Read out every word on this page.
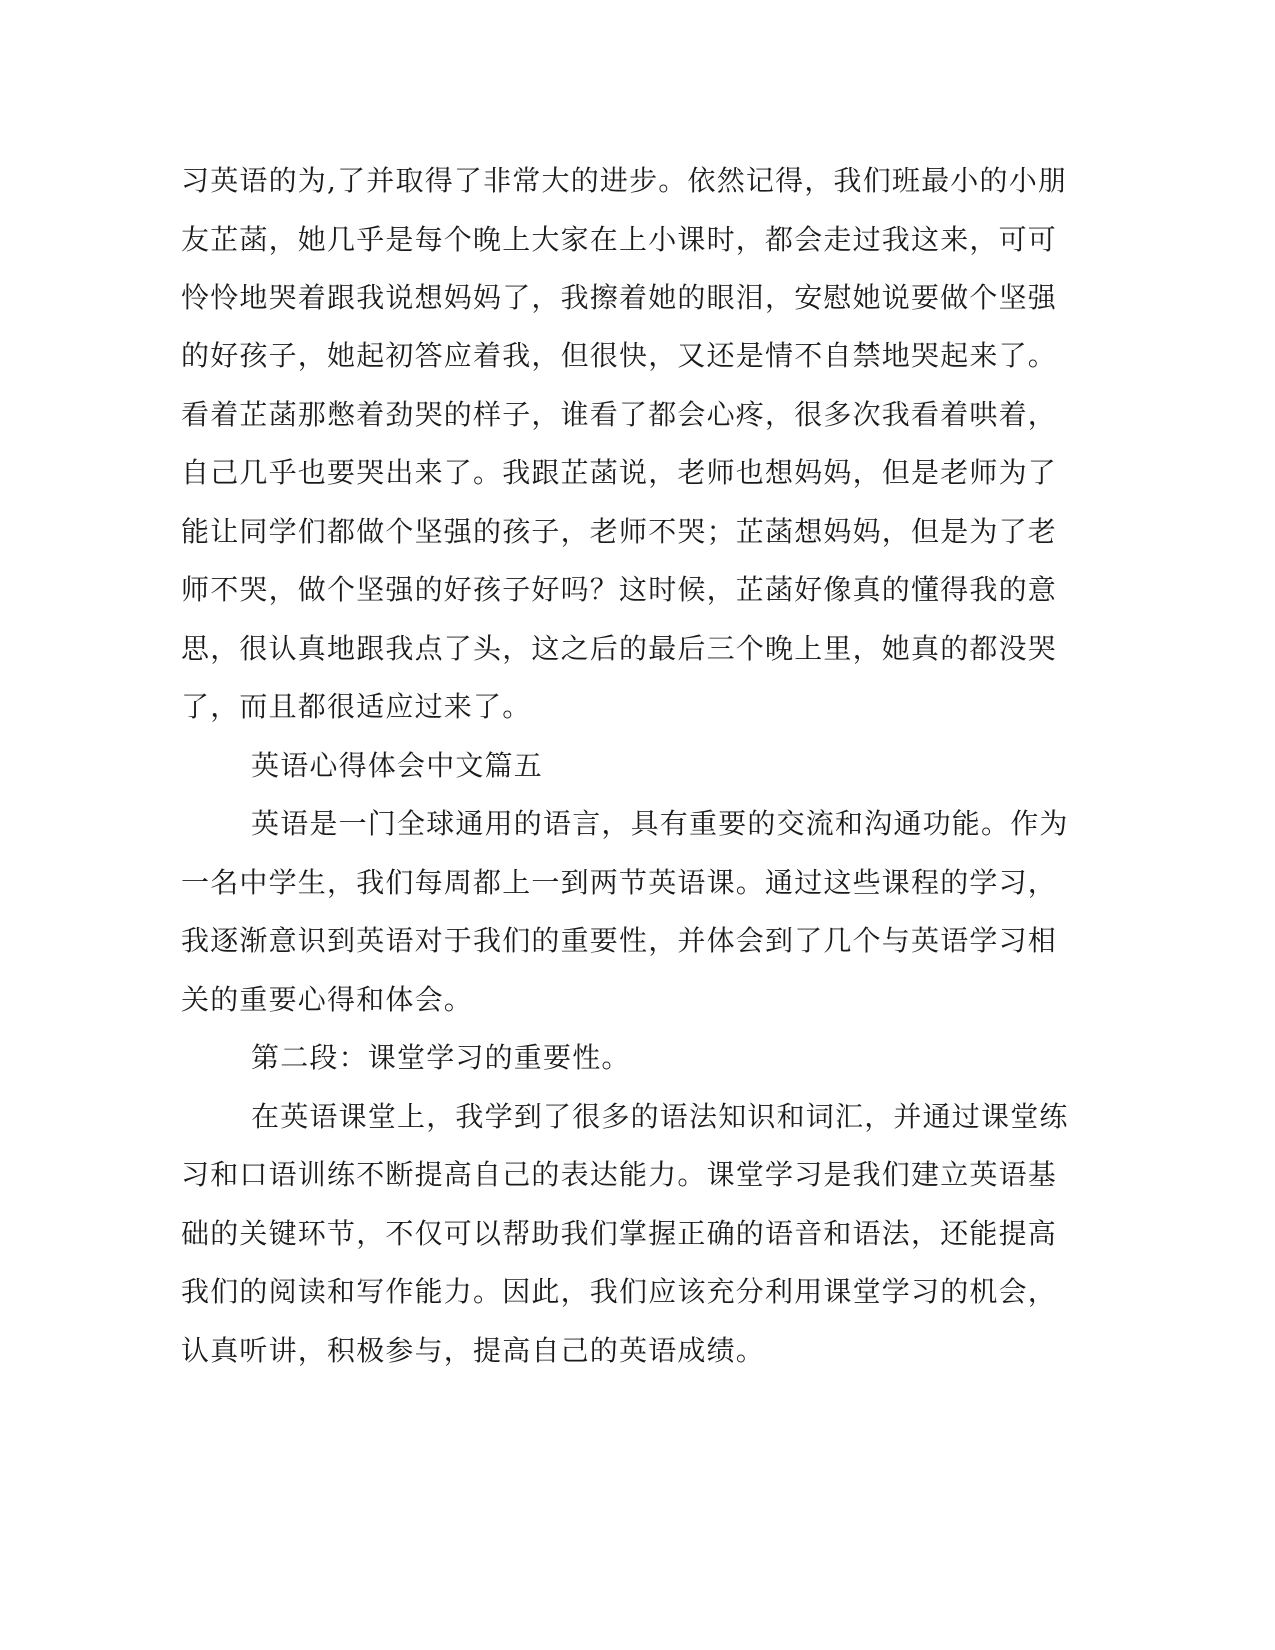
习英语的为,了并取得了非常大的进步。依然记得，我们班最小的小朋
友芷菡，她几乎是每个晚上大家在上小课时，都会走过我这来，可可
怜怜地哭着跟我说想妈妈了，我擦着她的眼泪，安慰她说要做个坚强
的好孩子，她起初答应着我，但很快，又还是情不自禁地哭起来了。
看着芷菡那憋着劲哭的样子，谁看了都会心疼，很多次我看着哄着，
自己几乎也要哭出来了。我跟芷菡说，老师也想妈妈，但是老师为了
能让同学们都做个坚强的孩子，老师不哭；芷菡想妈妈，但是为了老
师不哭，做个坚强的好孩子好吗？这时候，芷菡好像真的懂得我的意
思，很认真地跟我点了头，这之后的最后三个晚上里，她真的都没哭
了，而且都很适应过来了。
英语心得体会中文篇五
英语是一门全球通用的语言，具有重要的交流和沟通功能。作为
一名中学生，我们每周都上一到两节英语课。通过这些课程的学习，
我逐渐意识到英语对于我们的重要性，并体会到了几个与英语学习相
关的重要心得和体会。
第二段：课堂学习的重要性。
在英语课堂上，我学到了很多的语法知识和词汇，并通过课堂练
习和口语训练不断提高自己的表达能力。课堂学习是我们建立英语基
础的关键环节，不仅可以帮助我们掌握正确的语音和语法，还能提高
我们的阅读和写作能力。因此，我们应该充分利用课堂学习的机会，
认真听讲，积极参与，提高自己的英语成绩。
